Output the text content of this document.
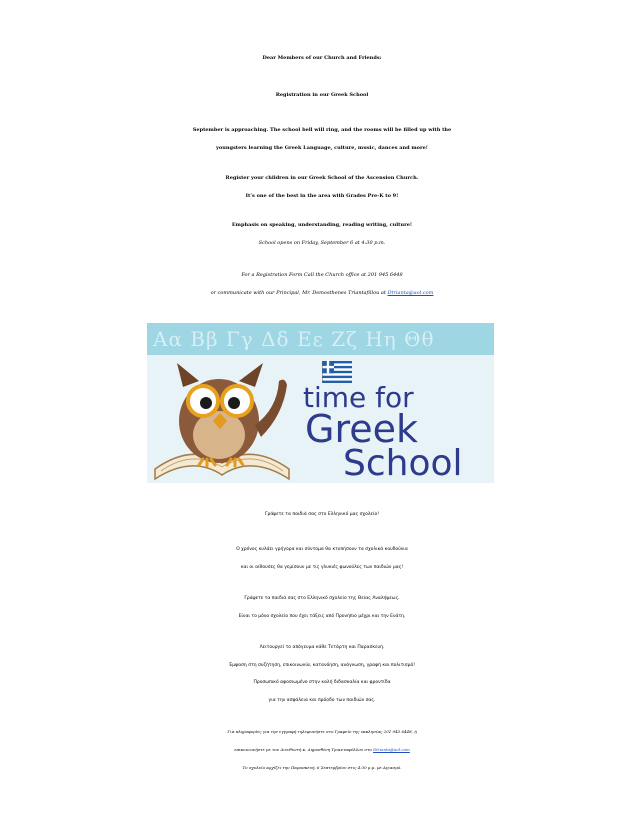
Dear Members of our Church and Friends:
Registration in our Greek School
September is approaching. The school bell will ring, and the rooms will be filled up with the
youngsters learning the Greek Language, culture, music, dances and more!
Register your children in our Greek School of the Ascension Church.
It’s one of the best in the area with Grades Pre-K to 9!
Emphasis on speaking, understanding, reading writing, culture!
School opens on Friday, September 6 at 4:30 p.m.
For a Registration Form Call the Church office at 201 945 6448
or communicate with our Principal, Mr. Demosthenes Triantafillou at Dtrianta@aol.com
Αα Ββ Γγ Δδ Εε Ζζ Ηη Θθ
time for
Greek
School
Γράψετε τα παιδιά σας στο Ελληνικό μας σχολείο!
Ο χρόνος κυλάει γρήγορα και σύντομα θα κτυπήσουν τα σχολικά κουδούνια
και οι αίθουσες θα γεμίσουν με τις γλυκιές φωνούλες των παιδιών μας!
Γράψετε τα παιδιά σας στο Ελληνικό σχολείο της Θείας Αναλήψεως.
Είναι το μόνο σχολείο που έχει τάξεις από Προνήπιο μέχρι και την Ενάτη.
Λειτουργεί το απόγευμα κάθε Τετάρτη και Παρασκευή.
Έμφαση στη συζήτηση, επικοινωνία, κατανόηση, ανάγνωση, γραφή και πολιτισμό!
Προσωπικό αφοσιωμένο στην καλή διδασκαλία και φροντίδα
για την ασφάλεια και πρόοδο των παιδιών σας.
Για πληροφορίες για την εγγραφή τηλεφωνήστε στο Γραφείο της εκκλησίας 201 945 6448, ή
επικοινωνήστε με τον Διευθυντή κ. Δημοσθένη Τριανταφύλλου στο Dtrianta@aol.com
Το σχολείο αρχίζει την Παρασκευή, 6 Σεπτεμβρίου στις 4:30 μ.μ. με Αγιασμό.
